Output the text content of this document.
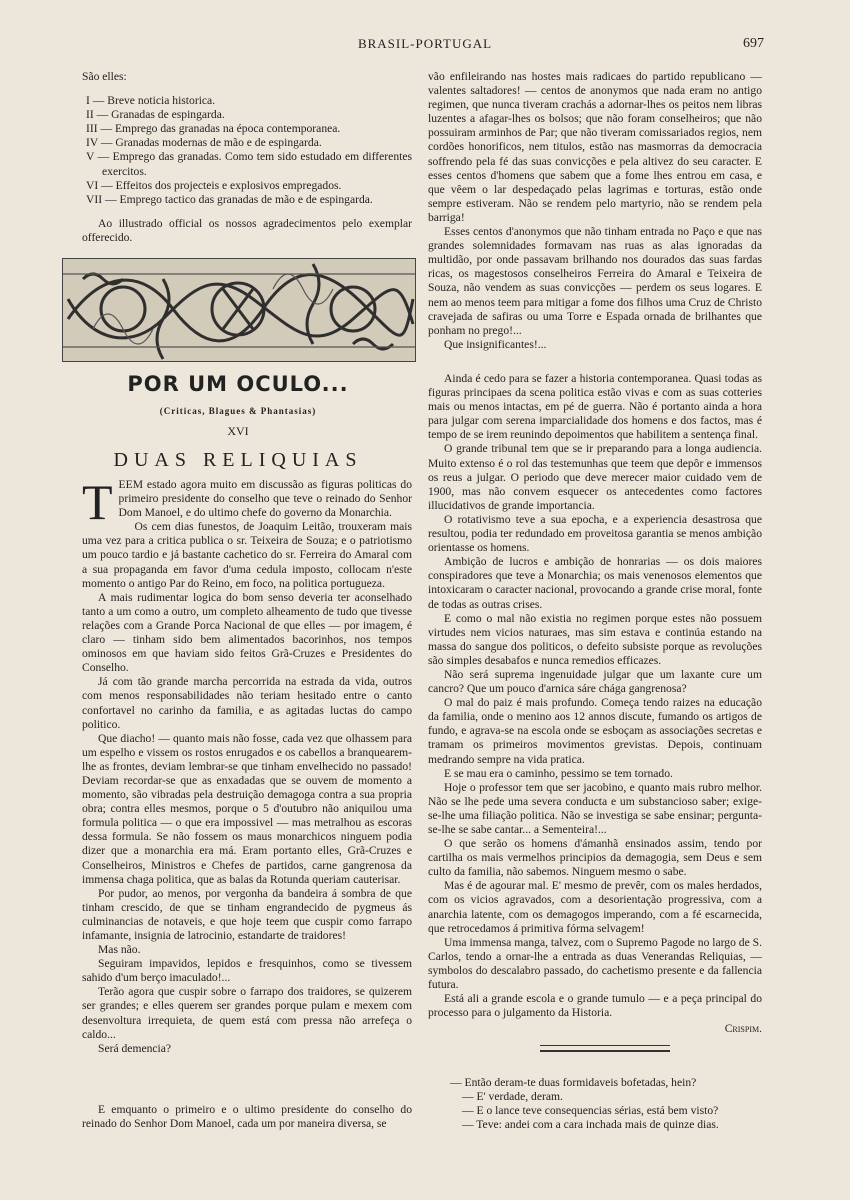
BRASIL-PORTUGAL	697

São elles:

I — Breve noticia historica.

II — Granadas de espingarda.

III — Emprego das granadas na época contemporanea.

IV — Granadas modernas de mão e de espingarda.

V — Emprego das granadas. Como tem sido estudado em differentes exercitos.

VI — Effeitos dos projecteis e explosivos empregados.

VII — Emprego tactico das granadas de mão e de espingarda.

Ao illustrado official os nossos agradecimentos pelo exemplar offerecido.

POR UM OCULO...
(Criticas, Blagues & Phantasias)
XVI
DUAS RELIQUIAS

TEEM estado agora muito em discussão as figuras politicas do primeiro presidente do conselho que teve o reinado do Senhor Dom Manoel, e do ultimo chefe do governo da Monarchia.

Os cem dias funestos, de Joaquim Leitão, trouxeram mais uma vez para a critica publica o sr. Teixeira de Souza; e o patriotismo um pouco tardio e já bastante cachetico do sr. Ferreira do Amaral com a sua propaganda em favor d'uma cedula imposto, collocam n'este momento o antigo Par do Reino, em foco, na politica portugueza.

A mais rudimentar logica do bom senso deveria ter aconselhado tanto a um como a outro, um completo alheamento de tudo que tivesse relações com a Grande Porca Nacional de que elles — por imagem, é claro — tinham sido bem alimentados bacorinhos, nos tempos ominosos em que haviam sido feitos Grã-Cruzes e Presidentes do Conselho.

Já com tão grande marcha percorrida na estrada da vida, outros com menos responsabilidades não teriam hesitado entre o canto confortavel no carinho da familia, e as agitadas luctas do campo politico.

Que diacho! — quanto mais não fosse, cada vez que olhassem para um espelho e vissem os rostos enrugados e os cabellos a branquearem-lhe as frontes, deviam lembrar-se que tinham envelhecido no passado! Deviam recordar-se que as enxadadas que se ouvem de momento a momento, são vibradas pela destruição demagoga contra a sua propria obra; contra elles mesmos, porque o 5 d'outubro não aniquilou uma formula politica — o que era impossivel — mas metralhou as escoras dessa formula. Se não fossem os maus monarchicos ninguem podia dizer que a monarchia era má. Eram portanto elles, Grã-Cruzes e Conselheiros, Ministros e Chefes de partidos, carne gangrenosa da immensa chaga politica, que as balas da Rotunda queriam cauterisar.

Por pudor, ao menos, por vergonha da bandeira á sombra de que tinham crescido, de que se tinham engrandecido de pygmeus ás culminancias de notaveis, e que hoje teem que cuspir como farrapo infamante, insignia de latrocinio, estandarte de traidores!

Mas não.

Seguiram impavidos, lepidos e fresquinhos, como se tivessem sahido d'um berço imaculado!...

Terão agora que cuspir sobre o farrapo dos traidores, se quizerem ser grandes; e elles querem ser grandes porque pulam e mexem com desenvoltura irrequieta, de quem está com pressa não arrefeça o caldo...

Será demencia?

E emquanto o primeiro e o ultimo presidente do conselho do reinado do Senhor Dom Manoel, cada um por maneira diversa, se

vão enfileirando nas hostes mais radicaes do partido republicano — valentes saltadores! — centos de anonymos que nada eram no antigo regimen, que nunca tiveram crachás a adornar-lhes os peitos nem libras luzentes a afagar-lhes os bolsos; que não foram conselheiros; que não possuiram arminhos de Par; que não tiveram comissariados regios, nem cordões honorificos, nem titulos, estão nas masmorras da democracia soffrendo pela fé das suas convicções e pela altivez do seu caracter. E esses centos d'homens que sabem que a fome lhes entrou em casa, e que vêem o lar despedaçado pelas lagrimas e torturas, estão onde sempre estiveram. Não se rendem pelo martyrio, não se rendem pela barriga!

Esses centos d'anonymos que não tinham entrada no Paço e que nas grandes solemnidades formavam nas ruas as alas ignoradas da multidão, por onde passavam brilhando nos dourados das suas fardas ricas, os magestosos conselheiros Ferreira do Amaral e Teixeira de Souza, não vendem as suas convicções — perdem os seus logares. E nem ao menos teem para mitigar a fome dos filhos uma Cruz de Christo cravejada de safiras ou uma Torre e Espada ornada de brilhantes que ponham no prego!...

Que insignificantes!...

Ainda é cedo para se fazer a historia contemporanea. Quasi todas as figuras principaes da scena politica estão vivas e com as suas cotteries mais ou menos intactas, em pé de guerra. Não é portanto ainda a hora para julgar com serena imparcialidade dos homens e dos factos, mas é tempo de se irem reunindo depoimentos que habilitem a sentença final.

O grande tribunal tem que se ir preparando para a longa audiencia. Muito extenso é o rol das testemunhas que teem que depôr e immensos os reus a julgar. O periodo que deve merecer maior cuidado vem de 1900, mas não convem esquecer os antecedentes como factores illucidativos de grande importancia.

O rotativismo teve a sua epocha, e a experiencia desastrosa que resultou, podia ter redundado em proveitosa garantia se menos ambição orientasse os homens.

Ambição de lucros e ambição de honrarias — os dois maiores conspiradores que teve a Monarchia; os mais venenosos elementos que intoxicaram o caracter nacional, provocando a grande crise moral, fonte de todas as outras crises.

E como o mal não existia no regimen porque estes não possuem virtudes nem vicios naturaes, mas sim estava e continúa estando na massa do sangue dos politicos, o defeito subsiste porque as revoluções são simples desabafos e nunca remedios efficazes.

Não será suprema ingenuidade julgar que um laxante cure um cancro? Que um pouco d'arnica sáre chága gangrenosa?

O mal do paiz é mais profundo. Começa tendo raizes na educação da familia, onde o menino aos 12 annos discute, fumando os artigos de fundo, e agrava-se na escola onde se esboçam as associações secretas e tramam os primeiros movimentos grevistas. Depois, continuam medrando sempre na vida pratica.

E se mau era o caminho, pessimo se tem tornado.

Hoje o professor tem que ser jacobino, e quanto mais rubro melhor. Não se lhe pede uma severa conducta e um substancioso saber; exige-se-lhe uma filiação politica. Não se investiga se sabe ensinar; pergunta-se-lhe se sabe cantar... a Sementeira!...

O que serão os homens d'ámanhã ensinados assim, tendo por cartilha os mais vermelhos principios da demagogia, sem Deus e sem culto da familia, não sabemos. Ninguem mesmo o sabe.

Mas é de agourar mal. E' mesmo de prevêr, com os males herdados, com os vicios agravados, com a desorientação progressiva, com a anarchia latente, com os demagogos imperando, com a fé escarnecida, que retrocedamos á primitiva fórma selvagem!

Uma immensa manga, talvez, com o Supremo Pagode no largo de S. Carlos, tendo a ornar-lhe a entrada as duas Venerandas Reliquias, — symbolos do descalabro passado, do cachetismo presente e da fallencia futura.

Está ali a grande escola e o grande tumulo — e a peça principal do processo para o julgamento da Historia.

Crispim.

— Então deram-te duas formidaveis bofetadas, hein?

— E' verdade, deram.

— E o lance teve consequencias sérias, está bem visto?

— Teve: andei com a cara inchada mais de quinze dias.
